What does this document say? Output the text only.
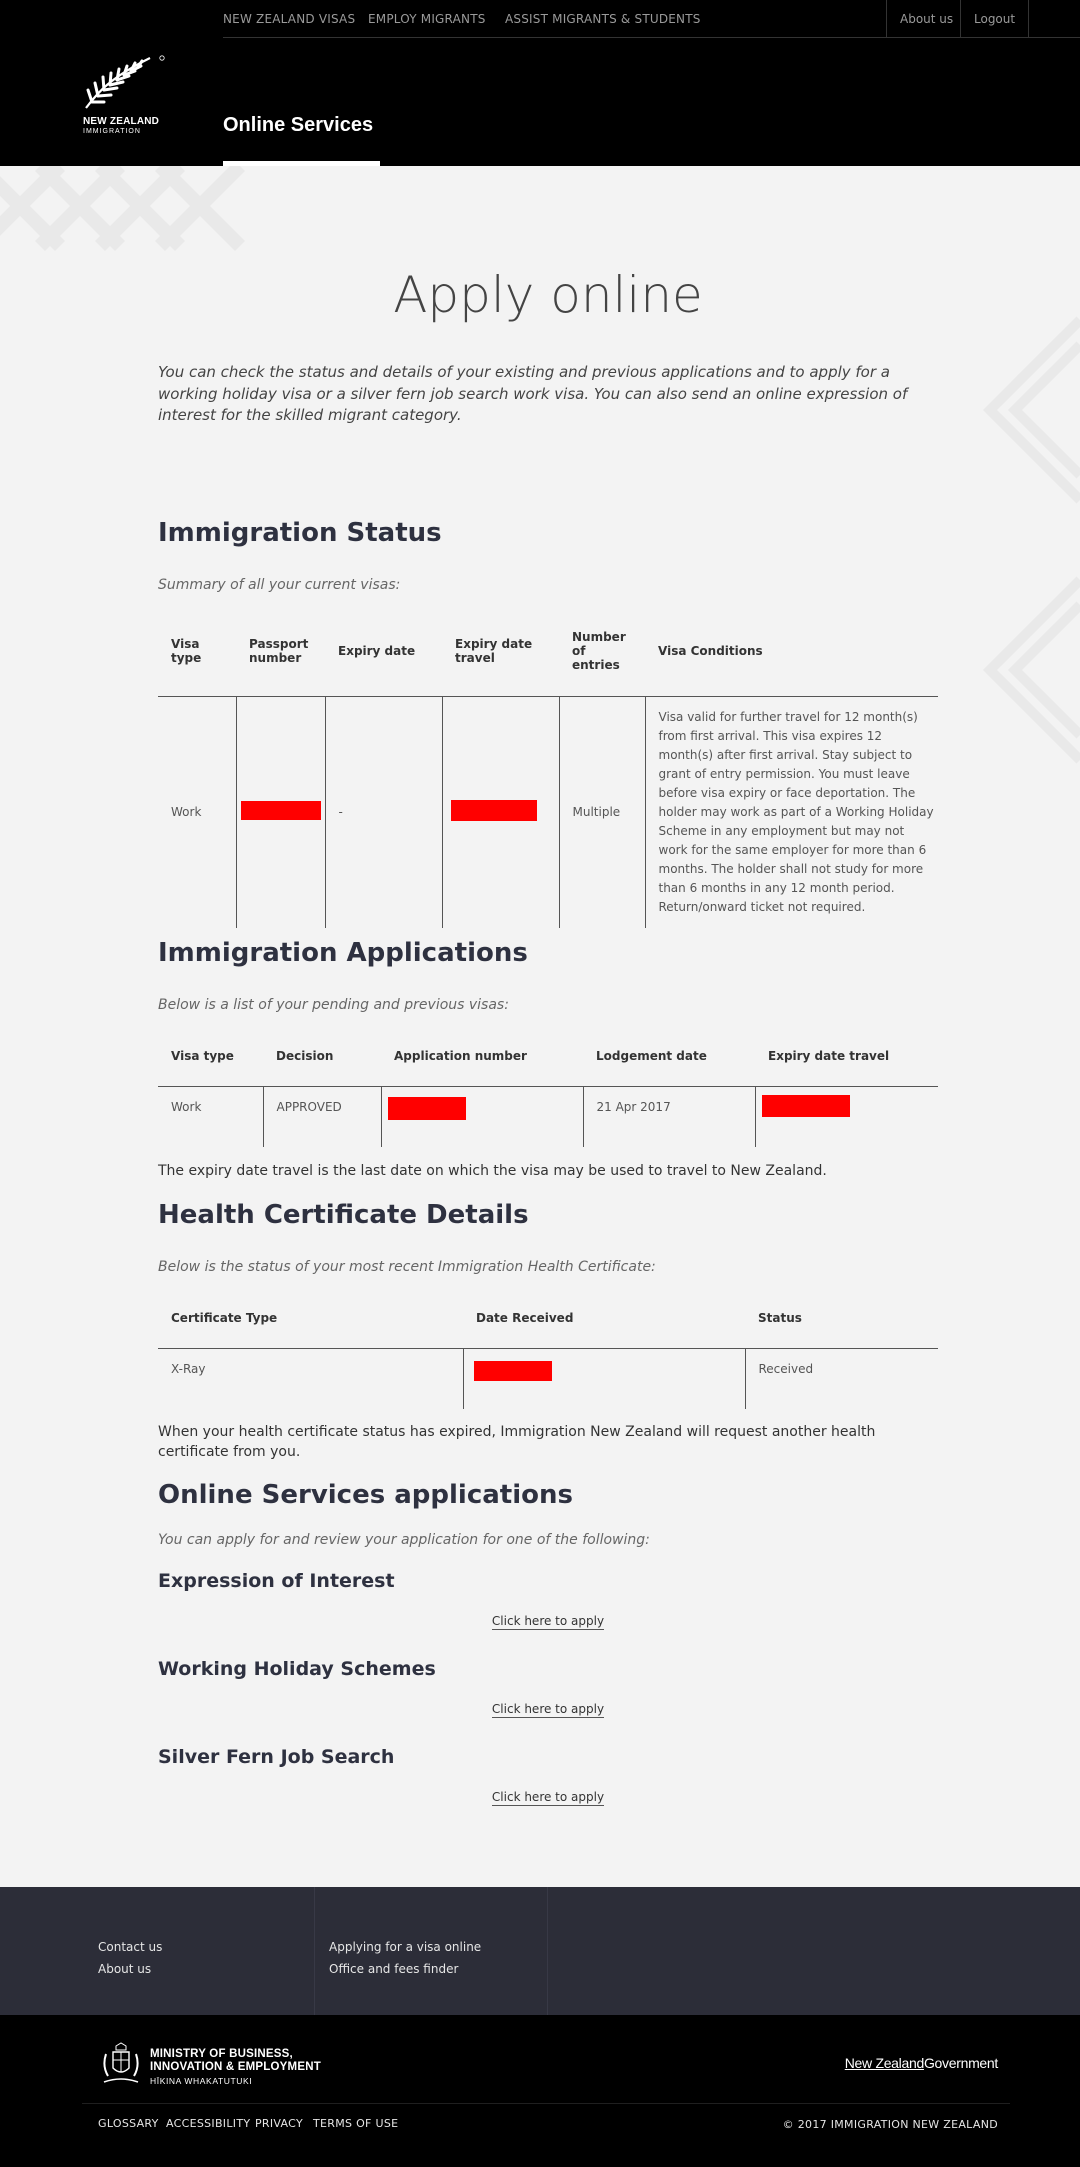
NEW ZEALAND VISAS EMPLOY MIGRANTS ASSIST MIGRANTS & STUDENTS	About us	Logout
NEW ZEALAND
IMMIGRATION	Online Services
Apply online

You can check the status and details of your existing and previous applications and to apply for a working holiday visa or a silver fern job search work visa. You can also send an online expression of interest for the skilled migrant category.

Immigration Status

Summary of all your current visas:

Visa type	Passport number	Expiry date	Expiry date travel	Number of entries	Visa Conditions
Work		-		Multiple	Visa valid for further travel for 12 month(s) from first arrival. This visa expires 12 month(s) after first arrival. Stay subject to grant of entry permission. You must leave before visa expiry or face deportation. The holder may work as part of a Working Holiday Scheme in any employment but may not work for the same employer for more than 6 months. The holder shall not study for more than 6 months in any 12 month period. Return/onward ticket not required.
Immigration Applications

Below is a list of your pending and previous visas:

Visa type	Decision	Application number	Lodgement date	Expiry date travel
Work	APPROVED		21 Apr 2017	

The expiry date travel is the last date on which the visa may be used to travel to New Zealand.

Health Certificate Details

Below is the status of your most recent Immigration Health Certificate:

Certificate Type	Date Received	Status
X-Ray		Received

When your health certificate status has expired, Immigration New Zealand will request another health certificate from you.

Online Services applications

You can apply for and review your application for one of the following:

Expression of Interest
Click here to apply
Working Holiday Schemes
Click here to apply
Silver Fern Job Search
Click here to apply
Contact us
About us
Applying for a visa online
Office and fees finder
MINISTRY OF BUSINESS,
INNOVATION & EMPLOYMENT
HĪKINA WHAKATUTUKI
New ZealandGovernment
GLOSSARY ACCESSIBILITY PRIVACY TERMS OF USE	© 2017 IMMIGRATION NEW ZEALAND
